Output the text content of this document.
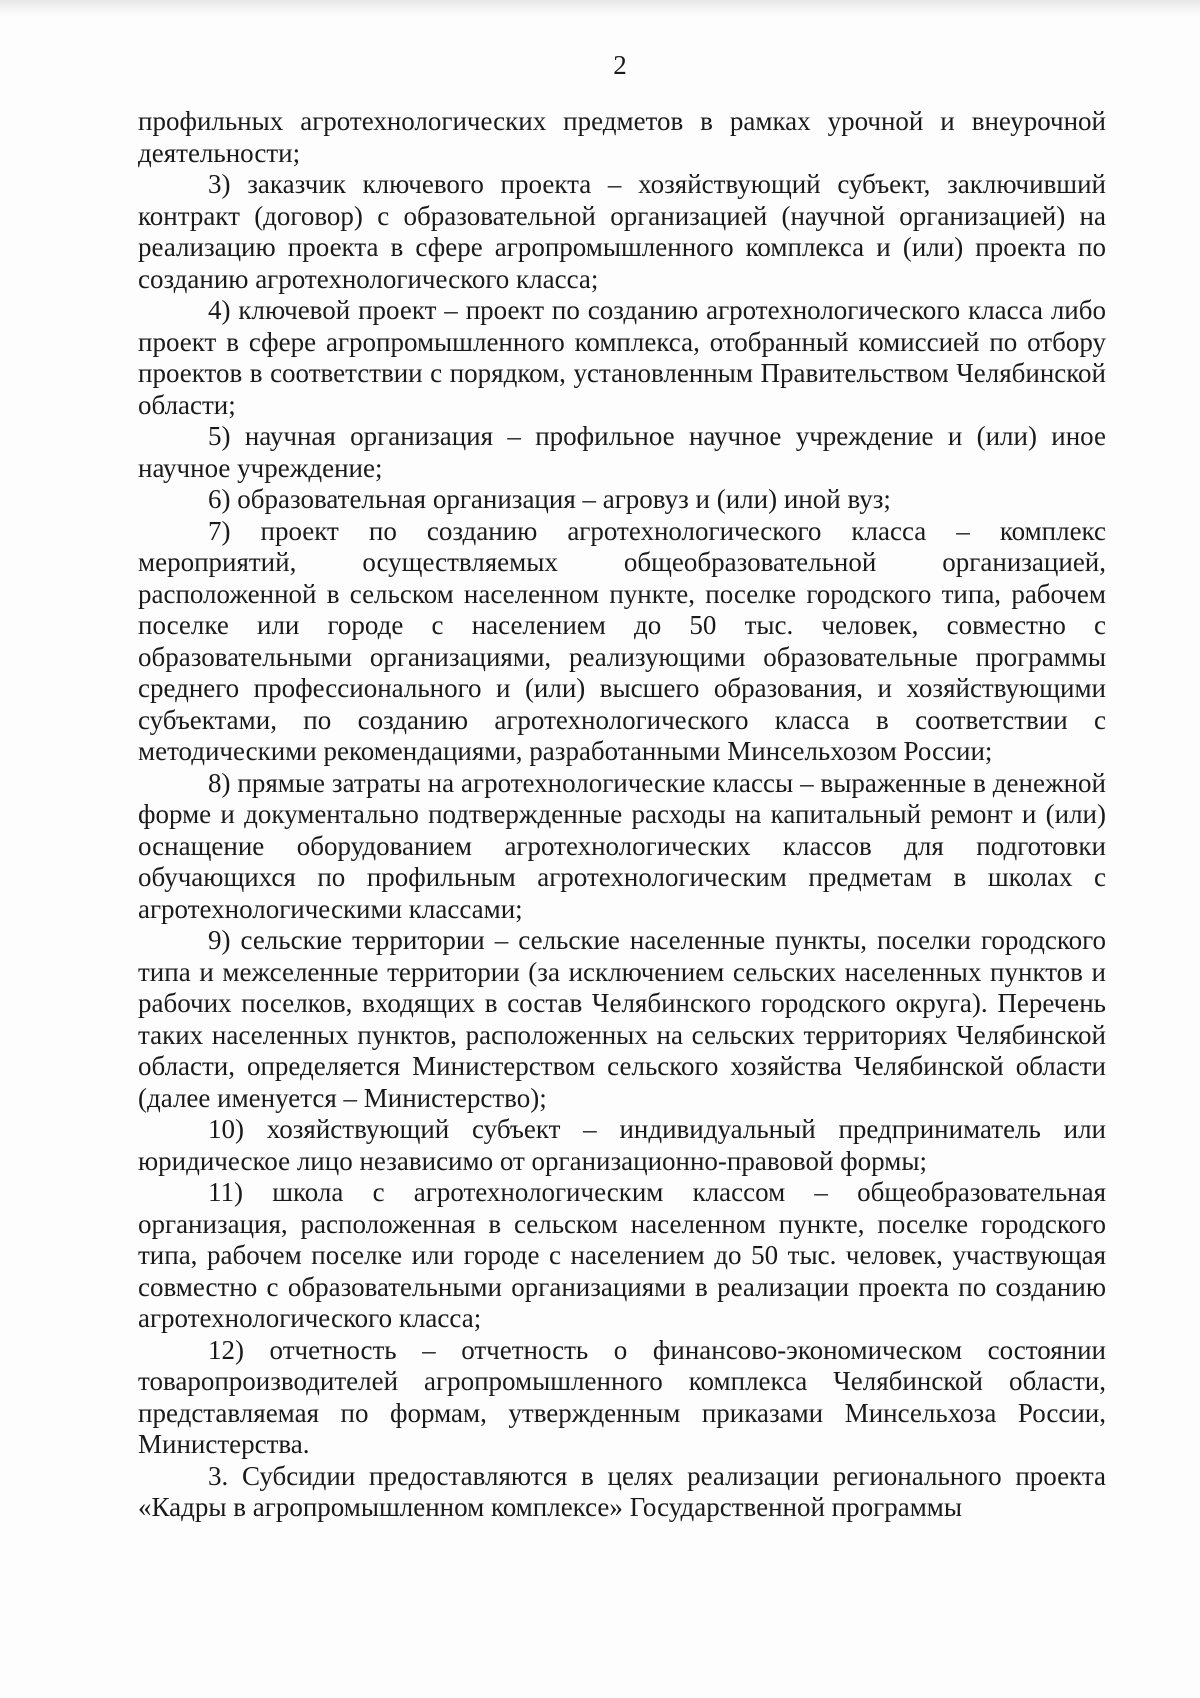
2

профильных агротехнологических предметов в рамках урочной и внеурочной деятельности;

3) заказчик ключевого проекта – хозяйствующий субъект, заключивший контракт (договор) с образовательной организацией (научной организацией) на реализацию проекта в сфере агропромышленного комплекса и (или) проекта по созданию агротехнологического класса;

4) ключевой проект – проект по созданию агротехнологического класса либо проект в сфере агропромышленного комплекса, отобранный комиссией по отбору проектов в соответствии с порядком, установленным Правительством Челябинской области;

5) научная организация – профильное научное учреждение и (или) иное научное учреждение;

6) образовательная организация – агровуз и (или) иной вуз;

7) проект по созданию агротехнологического класса – комплекс мероприятий, осуществляемых общеобразовательной организацией, расположенной в сельском населенном пункте, поселке городского типа, рабочем поселке или городе с населением до 50 тыс. человек, совместно с образовательными организациями, реализующими образовательные программы среднего профессионального и (или) высшего образования, и хозяйствующими субъектами, по созданию агротехнологического класса в соответствии с методическими рекомендациями, разработанными Минсельхозом России;

8) прямые затраты на агротехнологические классы – выраженные в денежной форме и документально подтвержденные расходы на капитальный ремонт и (или) оснащение оборудованием агротехнологических классов для подготовки обучающихся по профильным агротехнологическим предметам в школах с агротехнологическими классами;

9) сельские территории – сельские населенные пункты, поселки городского типа и межселенные территории (за исключением сельских населенных пунктов и рабочих поселков, входящих в состав Челябинского городского округа). Перечень таких населенных пунктов, расположенных на сельских территориях Челябинской области, определяется Министерством сельского хозяйства Челябинской области (далее именуется – Министерство);

10) хозяйствующий субъект – индивидуальный предприниматель или юридическое лицо независимо от организационно-правовой формы;

11) школа с агротехнологическим классом – общеобразовательная организация, расположенная в сельском населенном пункте, поселке городского типа, рабочем поселке или городе с населением до 50 тыс. человек, участвующая совместно с образовательными организациями в реализации проекта по созданию агротехнологического класса;

12) отчетность – отчетность о финансово-экономическом состоянии товаропроизводителей агропромышленного комплекса Челябинской области, представляемая по формам, утвержденным приказами Минсельхоза России, Министерства.

3. Субсидии предоставляются в целях реализации регионального проекта «Кадры в агропромышленном комплексе» Государственной программы
